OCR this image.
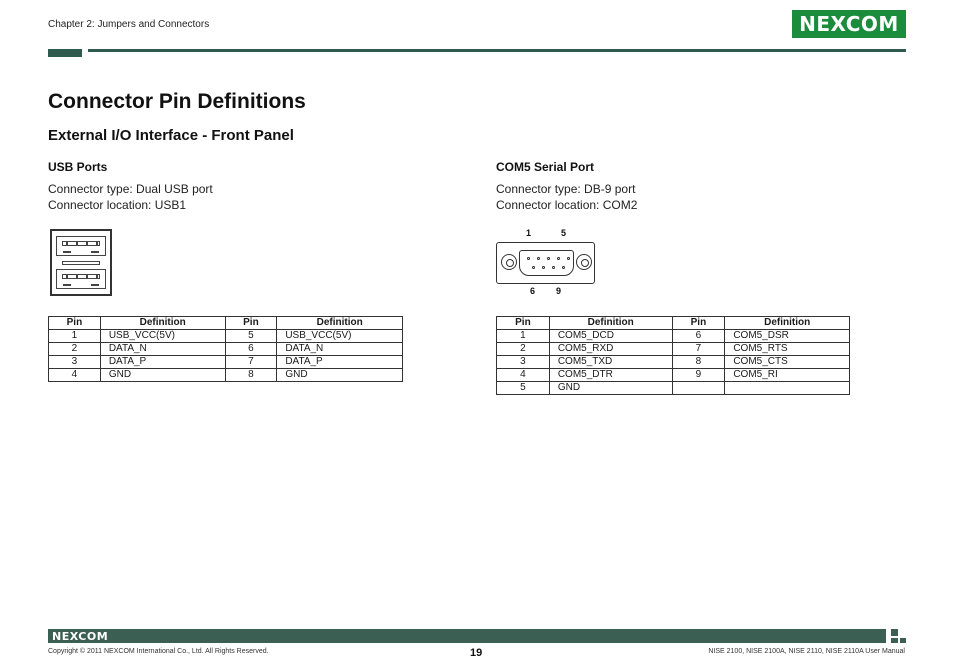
Chapter 2: Jumpers and Connectors	NEXCOM
Connector Pin Definitions
External I/O Interface - Front Panel
USB Ports
Connector type: Dual USB port
Connector location: USB1
Pin	Definition	Pin	Definition
1	USB_VCC(5V)	5	USB_VCC(5V)
2	DATA_N	6	DATA_N
3	DATA_P	7	DATA_P
4	GND	8	GND
COM5 Serial Port
Connector type: DB-9 port
Connector location: COM2
1	5
6 9
Pin	Definition	Pin	Definition
1	COM5_DCD	6	COM5_DSR
2	COM5_RXD	7	COM5_RTS
3	COM5_TXD	8	COM5_CTS
4	COM5_DTR	9	COM5_RI
5	GND		
NEXCOM
Copyright © 2011 NEXCOM International Co., Ltd. All Rights Reserved.	19	NISE 2100, NISE 2100A, NISE 2110, NISE 2110A User Manual
